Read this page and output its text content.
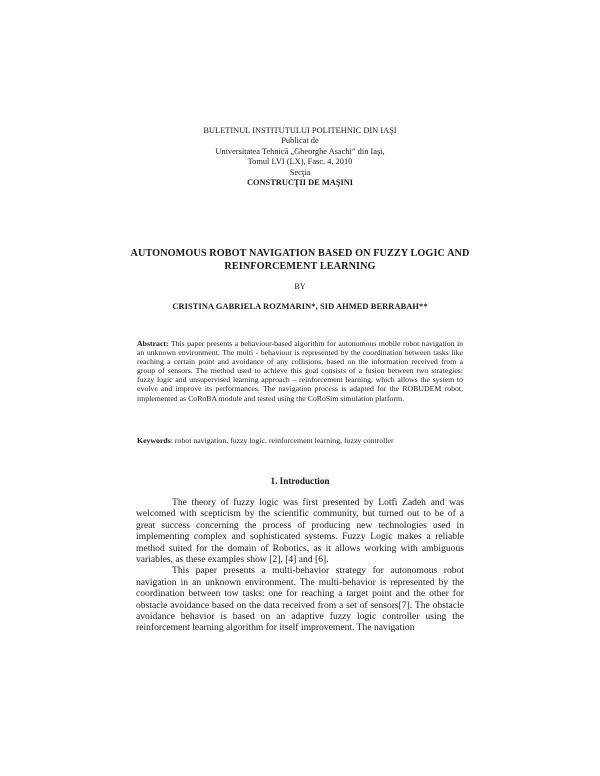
BULETINUL INSTITUTULUI POLITEHNIC DIN IAŞI
Publicat de
Universitatea Tehnică „Gheorghe Asachi” din Iaşi,
Tomul LVI (LX), Fasc. 4, 2010
Secţia
CONSTRUCŢII DE MAŞINI
AUTONOMOUS ROBOT NAVIGATION BASED ON FUZZY LOGIC AND REINFORCEMENT LEARNING
BY
CRISTINA GABRIELA ROZMARIN*, SID AHMED BERRABAH**
Abstract: This paper presents a behaviour-based algorithm for autonomous mobile robot navigation in an unknown environment. The multi - behaviour is represented by the coordination between tasks like reaching a certain point and avoidance of any collisions, based on the information received from a group of sensors. The method used to achieve this goal consists of a fusion between two strategies: fuzzy logic and unsupervised learning approach – reinforcement learning, which allows the system to evolve and improve its performances. The navigation process is adapted for the ROBUDEM robot, implemented as CoRoBA module and tested using the CoRoSim simulation platform.
Keywords: robot navigation, fuzzy logic, reinforcement learning, fuzzy controller
1. Introduction

The theory of fuzzy logic was first presented by Lotfi Zadeh and was welcomed with scepticism by the scientific community, but turned out to be of a great success concerning the process of producing new technologies used in implementing complex and sophisticated systems. Fuzzy Logic makes a reliable method suited for the domain of Robotics, as it allows working with ambiguous variables, as these examples show [2], [4] and [6].

This paper presents a multi-behavior strategy for autonomous robot navigation in an unknown environment. The multi-behavior is represented by the coordination between tow tasks: one for reaching a target point and the other for obstacle avoidance based on the data received from a set of sensors[7]. The obstacle avoidance behavior is based on an adaptive fuzzy logic controller using the reinforcement learning algorithm for itself improvement. The navigation
